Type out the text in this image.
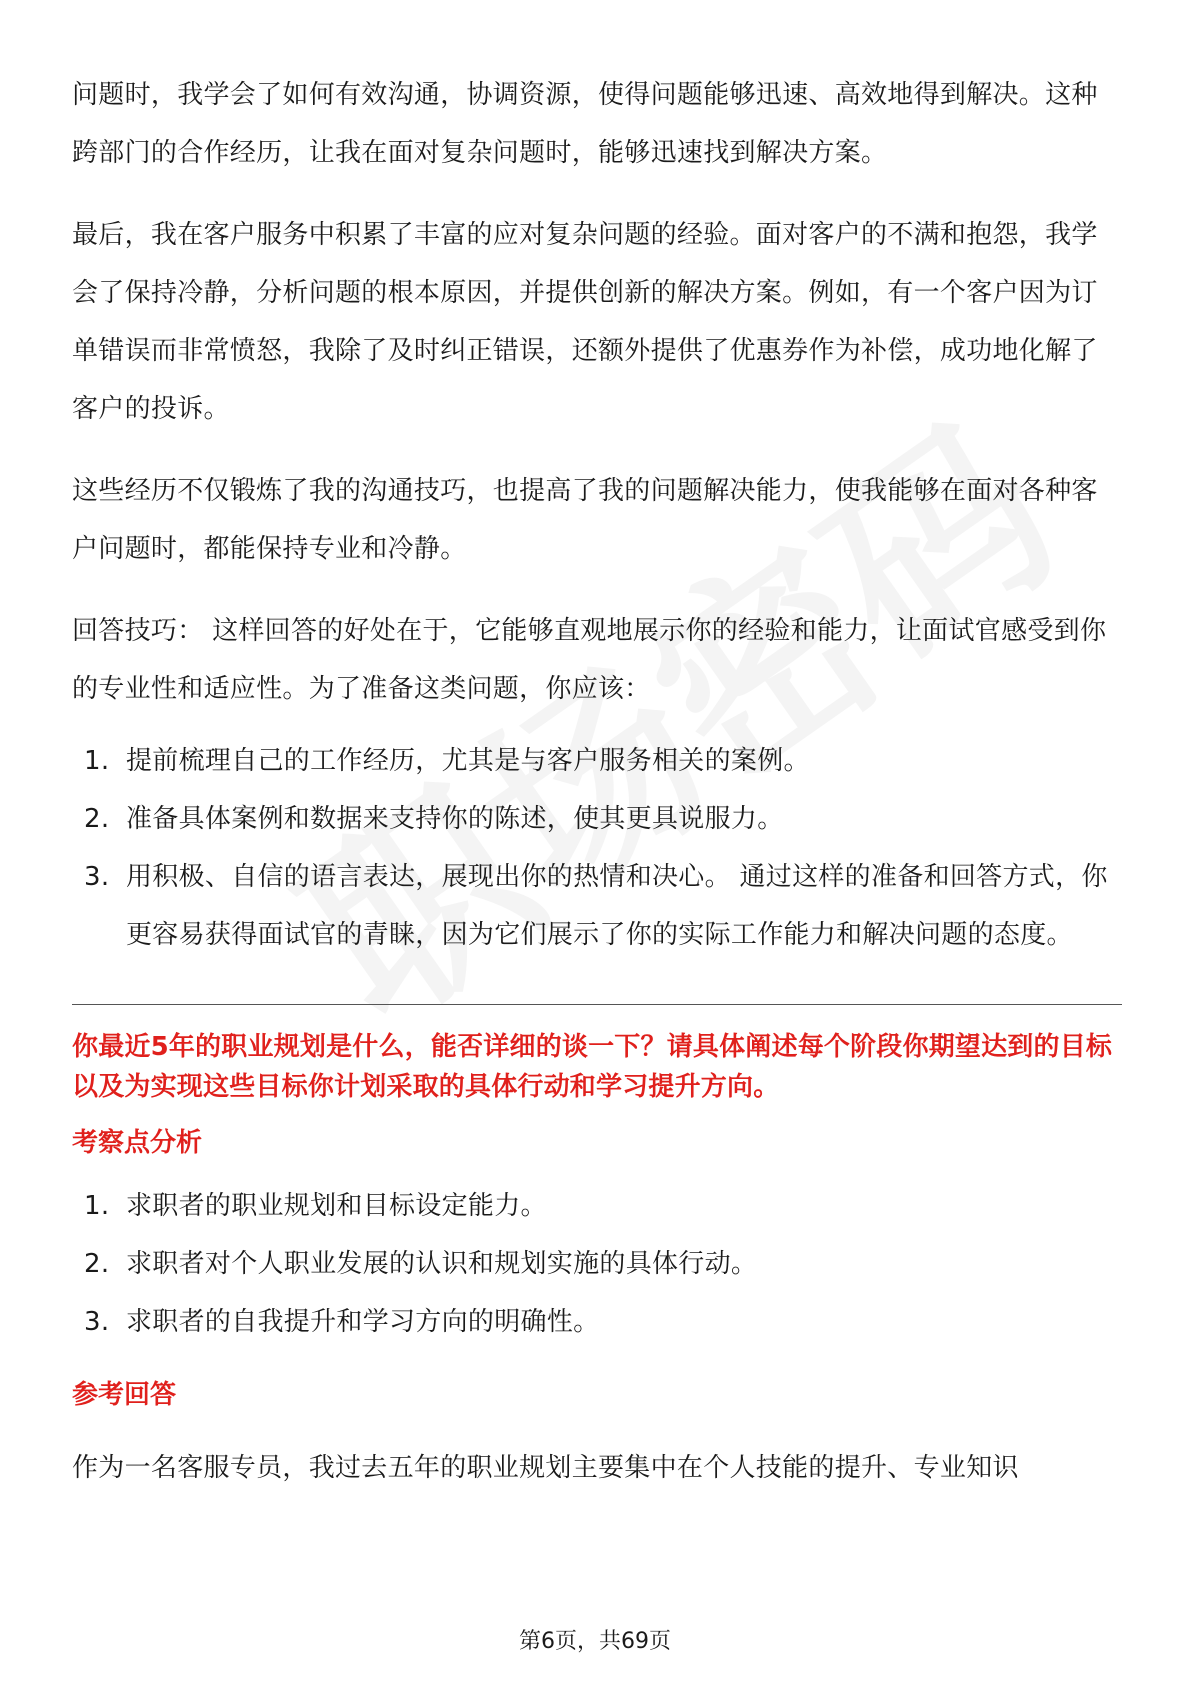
问题时，我学会了如何有效沟通，协调资源，使得问题能够迅速、高效地得到解决。这种跨部门的合作经历，让我在面对复杂问题时，能够迅速找到解决方案。

最后，我在客户服务中积累了丰富的应对复杂问题的经验。面对客户的不满和抱怨，我学会了保持冷静，分析问题的根本原因，并提供创新的解决方案。例如，有一个客户因为订单错误而非常愤怒，我除了及时纠正错误，还额外提供了优惠券作为补偿，成功地化解了客户的投诉。

这些经历不仅锻炼了我的沟通技巧，也提高了我的问题解决能力，使我能够在面对各种客户问题时，都能保持专业和冷静。

回答技巧： 这样回答的好处在于，它能够直观地展示你的经验和能力，让面试官感受到你的专业性和适应性。为了准备这类问题，你应该：

1. 提前梳理自己的工作经历，尤其是与客户服务相关的案例。
2. 准备具体案例和数据来支持你的陈述，使其更具说服力。
3. 用积极、自信的语言表达，展现出你的热情和决心。 通过这样的准备和回答方式，你更容易获得面试官的青睐，因为它们展示了你的实际工作能力和解决问题的态度。

你最近5年的职业规划是什么，能否详细的谈一下？请具体阐述每个阶段你期望达到的目标以及为实现这些目标你计划采取的具体行动和学习提升方向。

考察点分析

1. 求职者的职业规划和目标设定能力。
2. 求职者对个人职业发展的认识和规划实施的具体行动。
3. 求职者的自我提升和学习方向的明确性。

参考回答

作为一名客服专员，我过去五年的职业规划主要集中在个人技能的提升、专业知识

第6页，共69页
